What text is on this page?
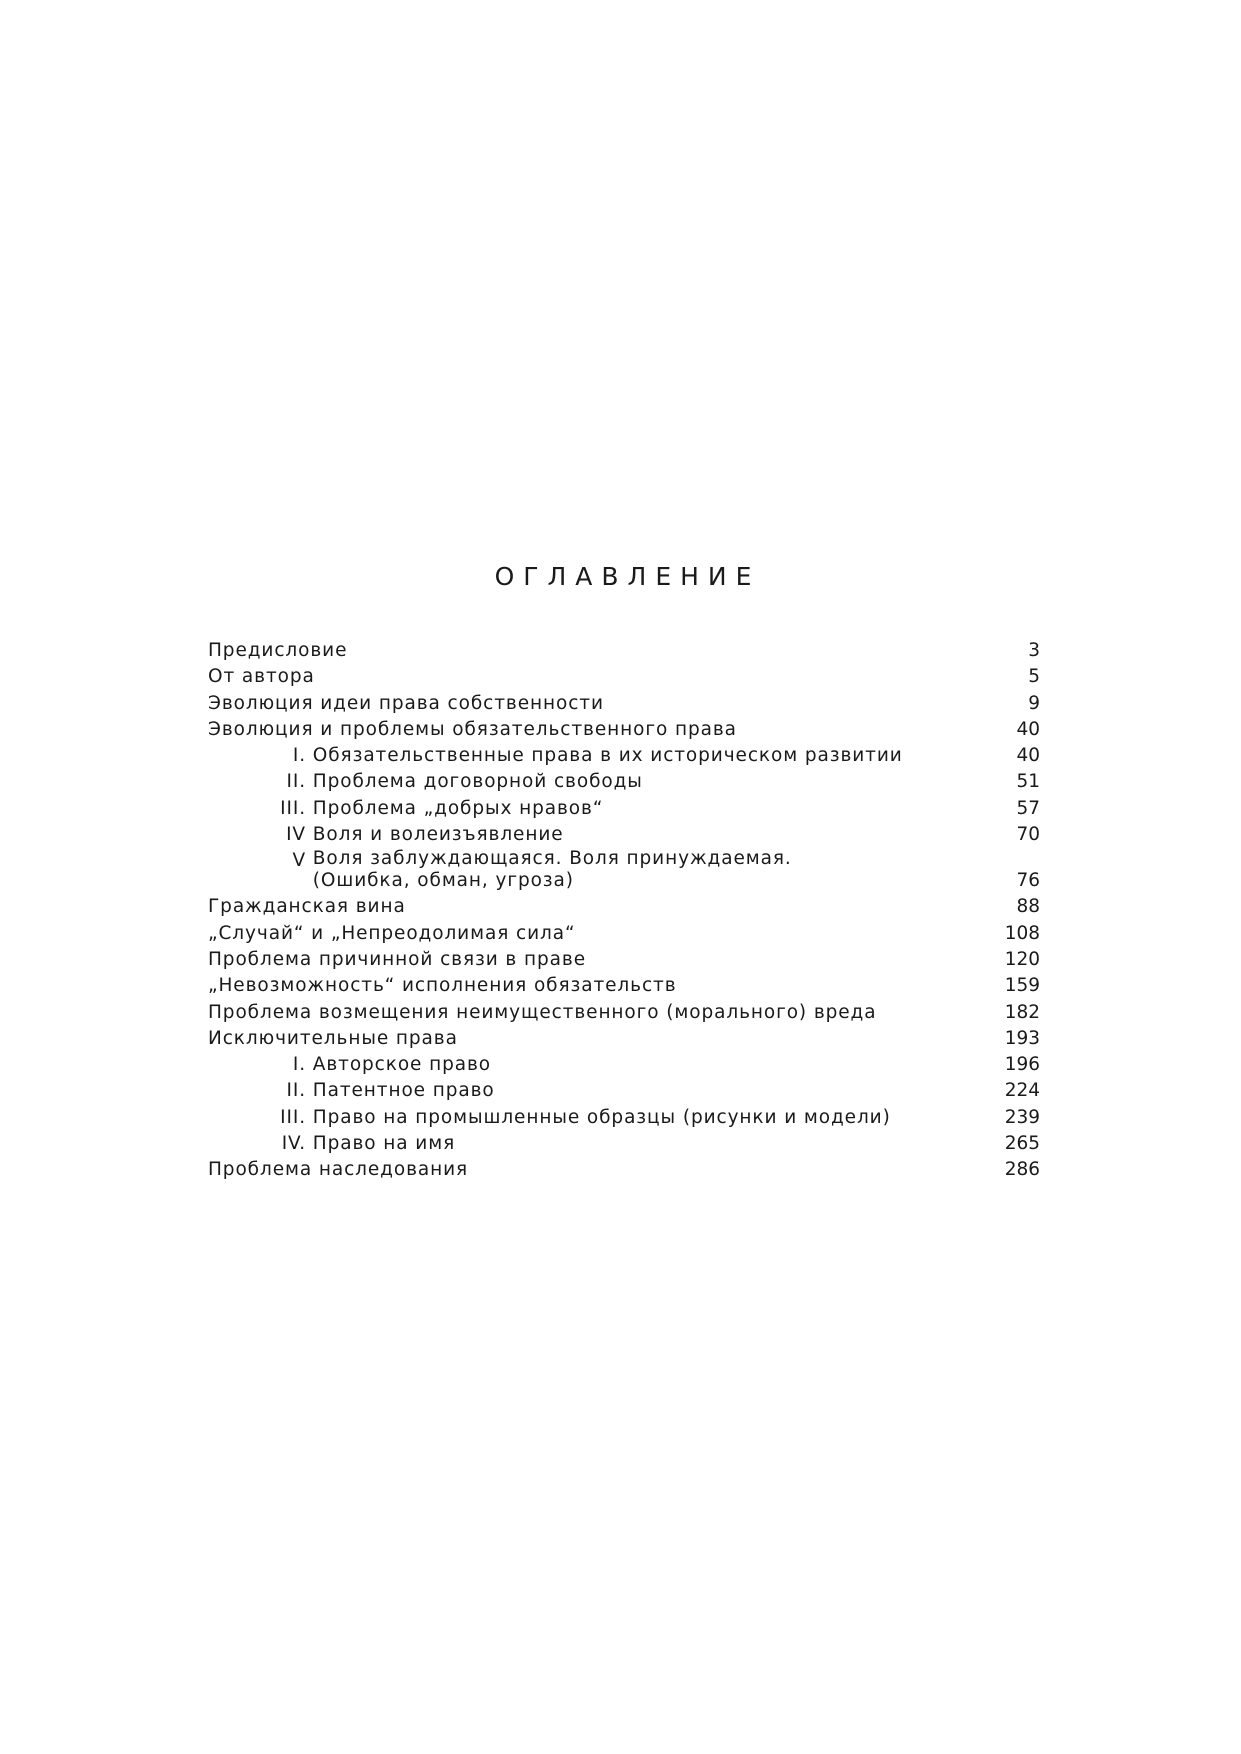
ОГЛАВЛЕНИЕ
Предисловие	3
От автора	5
Эволюция идеи права собственности	9
Эволюция и проблемы обязательственного права	40
I. Обязательственные права в их историческом развитии	40
II. Проблема договорной свободы	51
III. Проблема „добрых нравов“	57
IV Воля и волеизъявление	70
V Воля заблуждающаяся. Воля принуждаемая.
(Ошибка, обман, угроза)	76
Гражданская вина	88
„Случай“ и „Непреодолимая сила“	108
Проблема причинной связи в праве	120
„Невозможность“ исполнения обязательств	159
Проблема возмещения неимущественного (морального) вреда	182
Исключительные права	193
I. Авторское право	196
II. Патентное право	224
III. Право на промышленные образцы (рисунки и модели)	239
IV. Право на имя	265
Проблема наследования	286
